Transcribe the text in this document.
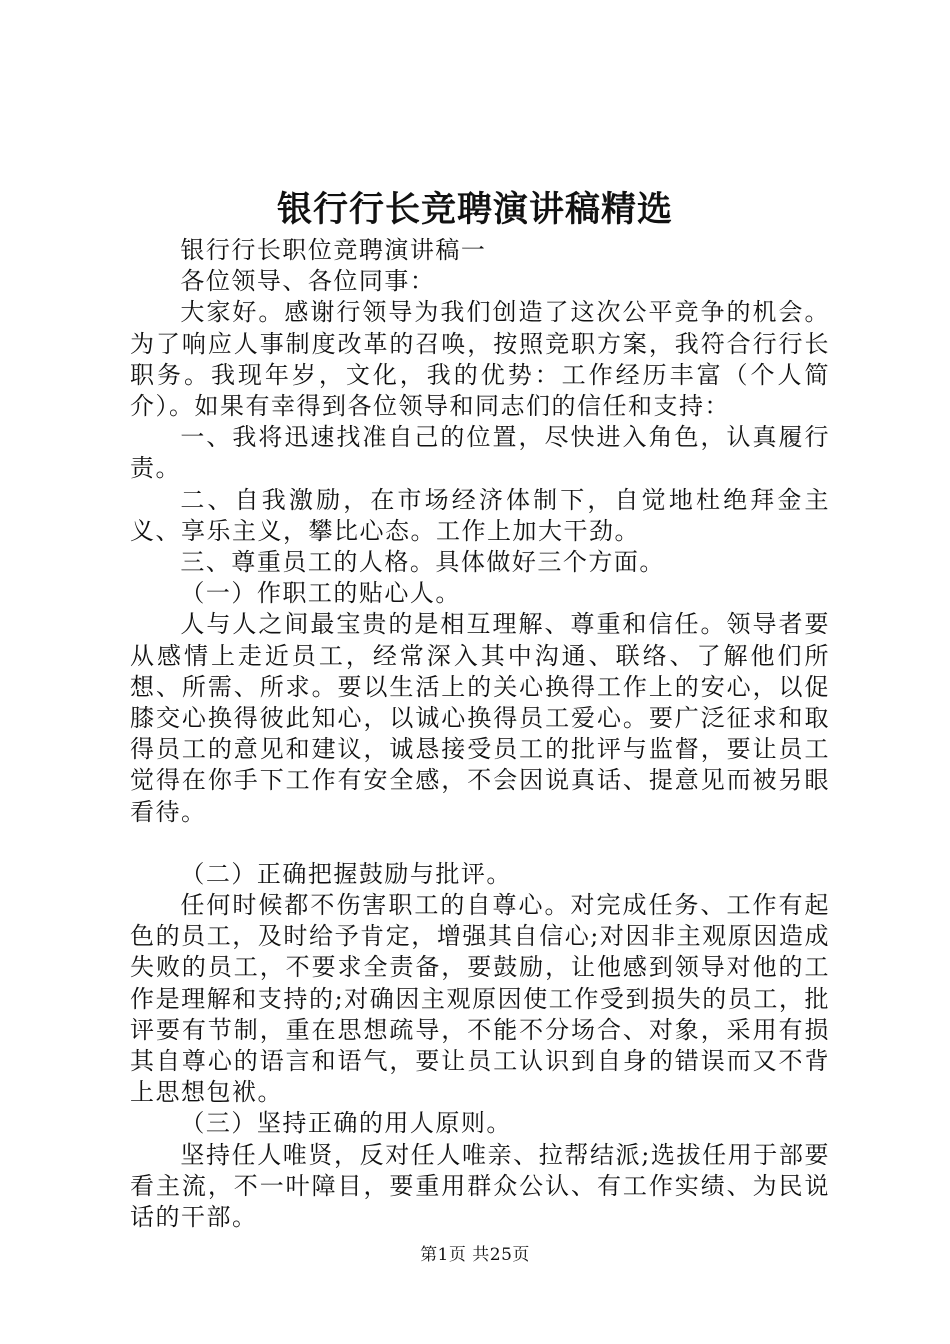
银行行长竞聘演讲稿精选

银行行长职位竞聘演讲稿一

各位领导、各位同事：

大家好。感谢行领导为我们创造了这次公平竞争的机会。为了响应人事制度改革的召唤，按照竞职方案，我符合行行长职务。我现年岁，文化，我的优势：工作经历丰富（个人简介）。如果有幸得到各位领导和同志们的信任和支持：

一、我将迅速找准自己的位置，尽快进入角色，认真履行责。

二、自我激励，在市场经济体制下，自觉地杜绝拜金主义、享乐主义，攀比心态。工作上加大干劲。

三、尊重员工的人格。具体做好三个方面。

（一）作职工的贴心人。

人与人之间最宝贵的是相互理解、尊重和信任。领导者要从感情上走近员工，经常深入其中沟通、联络、了解他们所想、所需、所求。要以生活上的关心换得工作上的安心，以促膝交心换得彼此知心，以诚心换得员工爱心。要广泛征求和取得员工的意见和建议，诚恳接受员工的批评与监督，要让员工觉得在你手下工作有安全感，不会因说真话、提意见而被另眼看待。

（二）正确把握鼓励与批评。

任何时候都不伤害职工的自尊心。对完成任务、工作有起色的员工，及时给予肯定，增强其自信心;对因非主观原因造成失败的员工，不要求全责备，要鼓励，让他感到领导对他的工作是理解和支持的;对确因主观原因使工作受到损失的员工，批评要有节制，重在思想疏导，不能不分场合、对象，采用有损其自尊心的语言和语气，要让员工认识到自身的错误而又不背上思想包袱。

（三）坚持正确的用人原则。

坚持任人唯贤，反对任人唯亲、拉帮结派;选拔任用于部要看主流，不一叶障目，要重用群众公认、有工作实绩、为民说话的干部。

第1页 共25页
